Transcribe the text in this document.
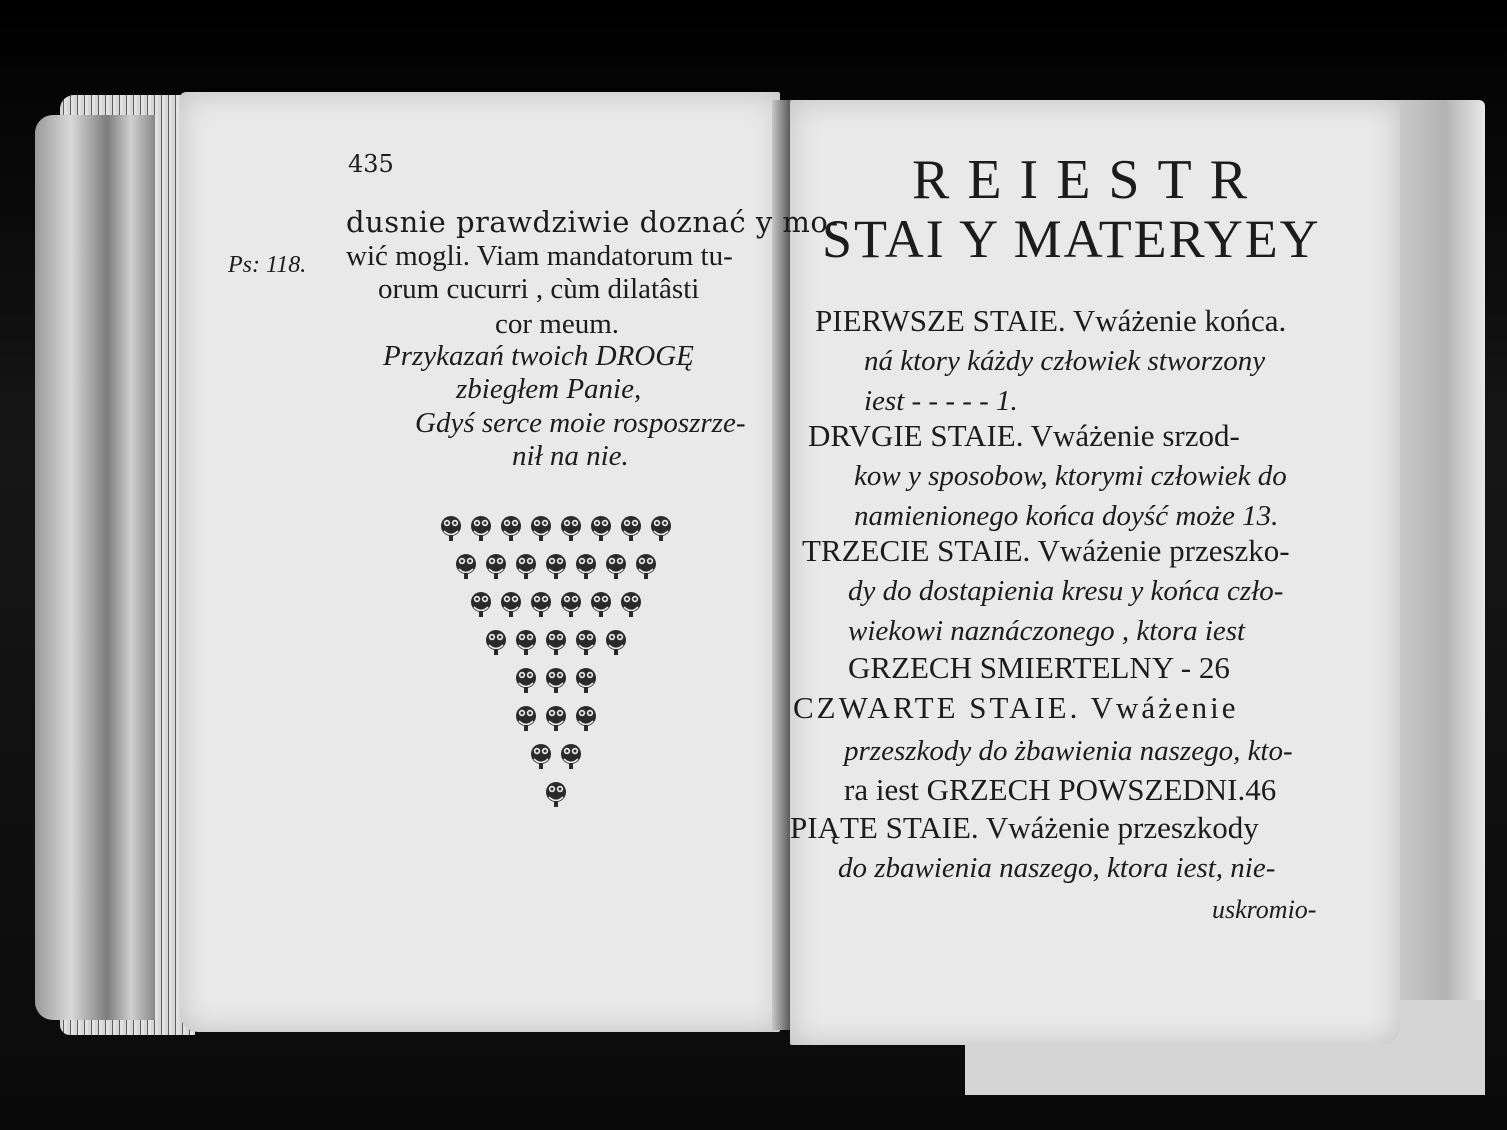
435
Ps: 118.
dusnie prawdziwie doznać y mo-
wić mogli. Viam mandatorum tu-
orum cucurri , cùm dilatâsti
cor meum.
Przykazań twoich DROGĘ
zbiegłem Panie,
Gdyś serce moie rosposzrze-
nił na nie.
REIESTR
STAI Y MATERYEY
PIERWSZE STAIE. Vwáżenie końca.
ná ktory káżdy człowiek stworzony
iest - - - - - 1.
DRVGIE STAIE. Vwáżenie srzod-
kow y sposobow, ktorymi człowiek do
namienionego końca doyść może 13.
TRZECIE STAIE. Vwáżenie przeszko-
dy do dostapienia kresu y końca czło-
wiekowi naznáczonego , ktora iest
GRZECH SMIERTELNY - 26
CZWARTE STAIE. Vwáżenie
przeszkody do żbawienia naszego, kto-
ra iest GRZECH POWSZEDNI.46
PIĄTE STAIE. Vwáżenie przeszkody
do zbawienia naszego, ktora iest, nie-
uskromio-
